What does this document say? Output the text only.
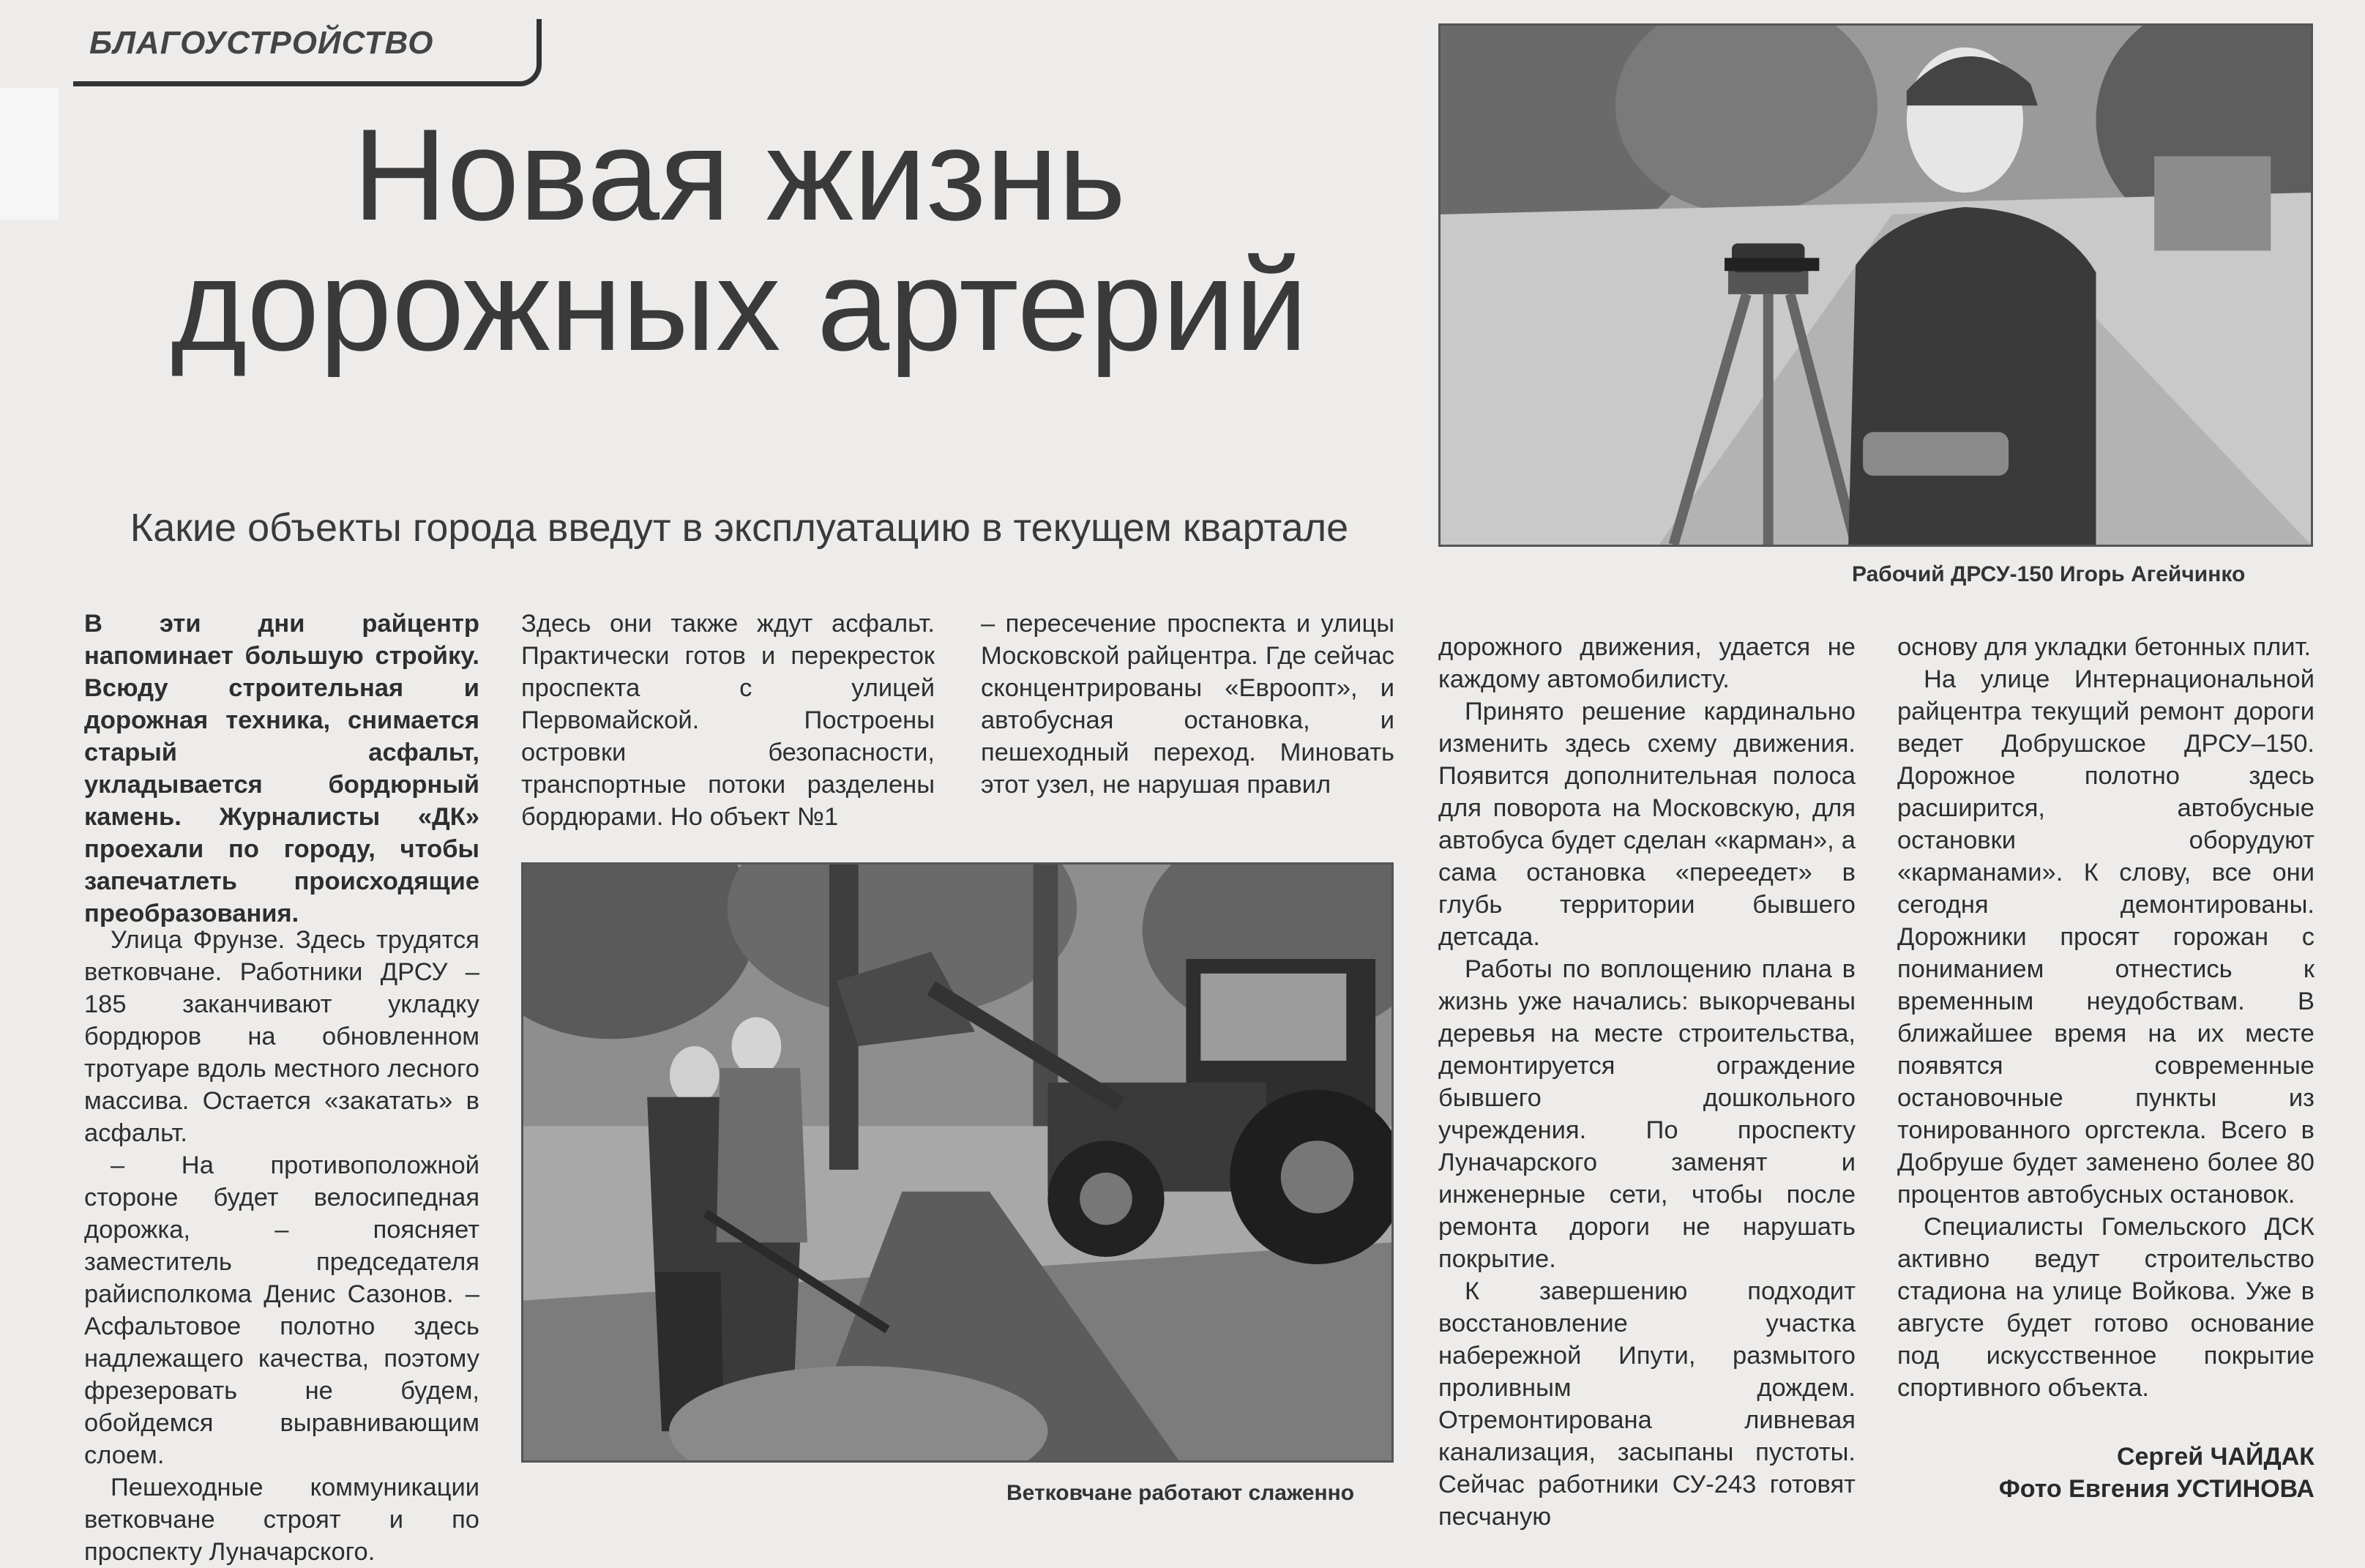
БЛАГОУСТРОЙСТВО
Новая жизнь
дорожных артерий
Какие объекты города введут в эксплуатацию в текущем квартале
Рабочий ДРСУ-150 Игорь Агейчинко

В эти дни райцентр напоминает большую стройку. Всюду строительная и дорожная техника, снимается старый асфальт, укладывается бордюрный камень. Журналисты «ДК» проехали по городу, чтобы запечатлеть происходящие преобразования.

Улица Фрунзе. Здесь трудятся ветковчане. Работники ДРСУ – 185 заканчивают укладку бордюров на обновленном тротуаре вдоль местного лесного массива. Остается «закатать» в асфальт.

– На противоположной стороне будет велосипедная дорожка, – поясняет заместитель председателя райисполкома Денис Сазонов. – Асфальтовое полотно здесь надлежащего качества, поэтому фрезеровать не будем, обойдемся выравнивающим слоем.

Пешеходные коммуникации ветковчане строят и по проспекту Луначарского.

Здесь они также ждут асфальт. Практически готов и перекресток проспекта с улицей Первомайской. Построены островки безопасности, транспортные потоки разделены бордюрами. Но объект №1

– пересечение проспекта и улицы Московской райцентра. Где сейчас сконцентрированы «Евроопт», и автобусная остановка, и пешеходный переход. Миновать этот узел, не нарушая правил

Ветковчане работают слаженно

дорожного движения, удается не каждому автомобилисту.

Принято решение кардинально изменить здесь схему движения. Появится дополнительная полоса для поворота на Московскую, для автобуса будет сделан «карман», а сама остановка «переедет» в глубь территории бывшего детсада.

Работы по воплощению плана в жизнь уже начались: выкорчеваны деревья на месте строительства, демонтируется ограждение бывшего дошкольного учреждения. По проспекту Луначарского заменят и инженерные сети, чтобы после ремонта дороги не нарушать покрытие.

К завершению подходит восстановление участка набережной Ипути, размытого проливным дождем. Отремонтирована ливневая канализация, засыпаны пустоты. Сейчас работники СУ-243 готовят песчаную

основу для укладки бетонных плит.

На улице Интернациональной райцентра текущий ремонт дороги ведет Добрушское ДРСУ–150. Дорожное полотно здесь расширится, автобусные остановки оборудуют «карманами». К слову, все они сегодня демонтированы. Дорожники просят горожан с пониманием отнестись к временным неудобствам. В ближайшее время на их месте появятся современные остановочные пункты из тонированного оргстекла. Всего в Добруше будет заменено более 80 процентов автобусных остановок.

Специалисты Гомельского ДСК активно ведут строительство стадиона на улице Войкова. Уже в августе будет готово основание под искусственное покрытие спортивного объекта.

Сергей ЧАЙДАК
Фото Евгения УСТИНОВА
